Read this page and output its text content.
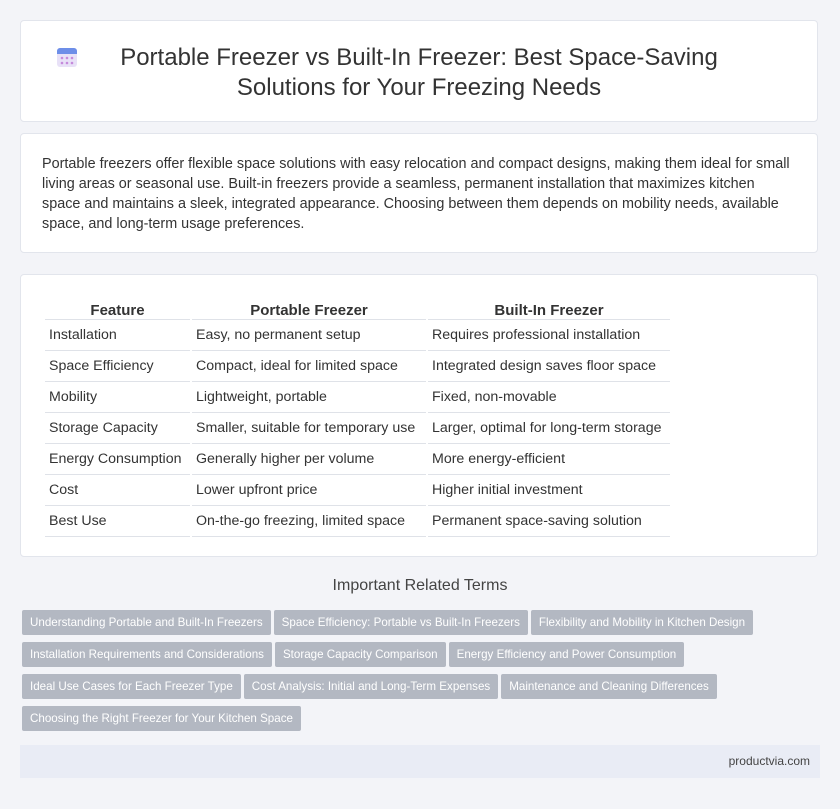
Portable Freezer vs Built-In Freezer: Best Space-Saving Solutions for Your Freezing Needs
Portable freezers offer flexible space solutions with easy relocation and compact designs, making them ideal for small living areas or seasonal use. Built-in freezers provide a seamless, permanent installation that maximizes kitchen space and maintains a sleek, integrated appearance. Choosing between them depends on mobility needs, available space, and long-term usage preferences.
Feature	Portable Freezer	Built-In Freezer
Installation	Easy, no permanent setup	Requires professional installation
Space Efficiency	Compact, ideal for limited space	Integrated design saves floor space
Mobility	Lightweight, portable	Fixed, non-movable
Storage Capacity	Smaller, suitable for temporary use	Larger, optimal for long-term storage
Energy Consumption	Generally higher per volume	More energy-efficient
Cost	Lower upfront price	Higher initial investment
Best Use	On-the-go freezing, limited space	Permanent space-saving solution
Important Related Terms
Understanding Portable and Built-In Freezers Space Efficiency: Portable vs Built-In Freezers Flexibility and Mobility in Kitchen Design
Installation Requirements and Considerations Storage Capacity Comparison Energy Efficiency and Power Consumption
Ideal Use Cases for Each Freezer Type Cost Analysis: Initial and Long-Term Expenses Maintenance and Cleaning Differences
Choosing the Right Freezer for Your Kitchen Space
productvia.com
